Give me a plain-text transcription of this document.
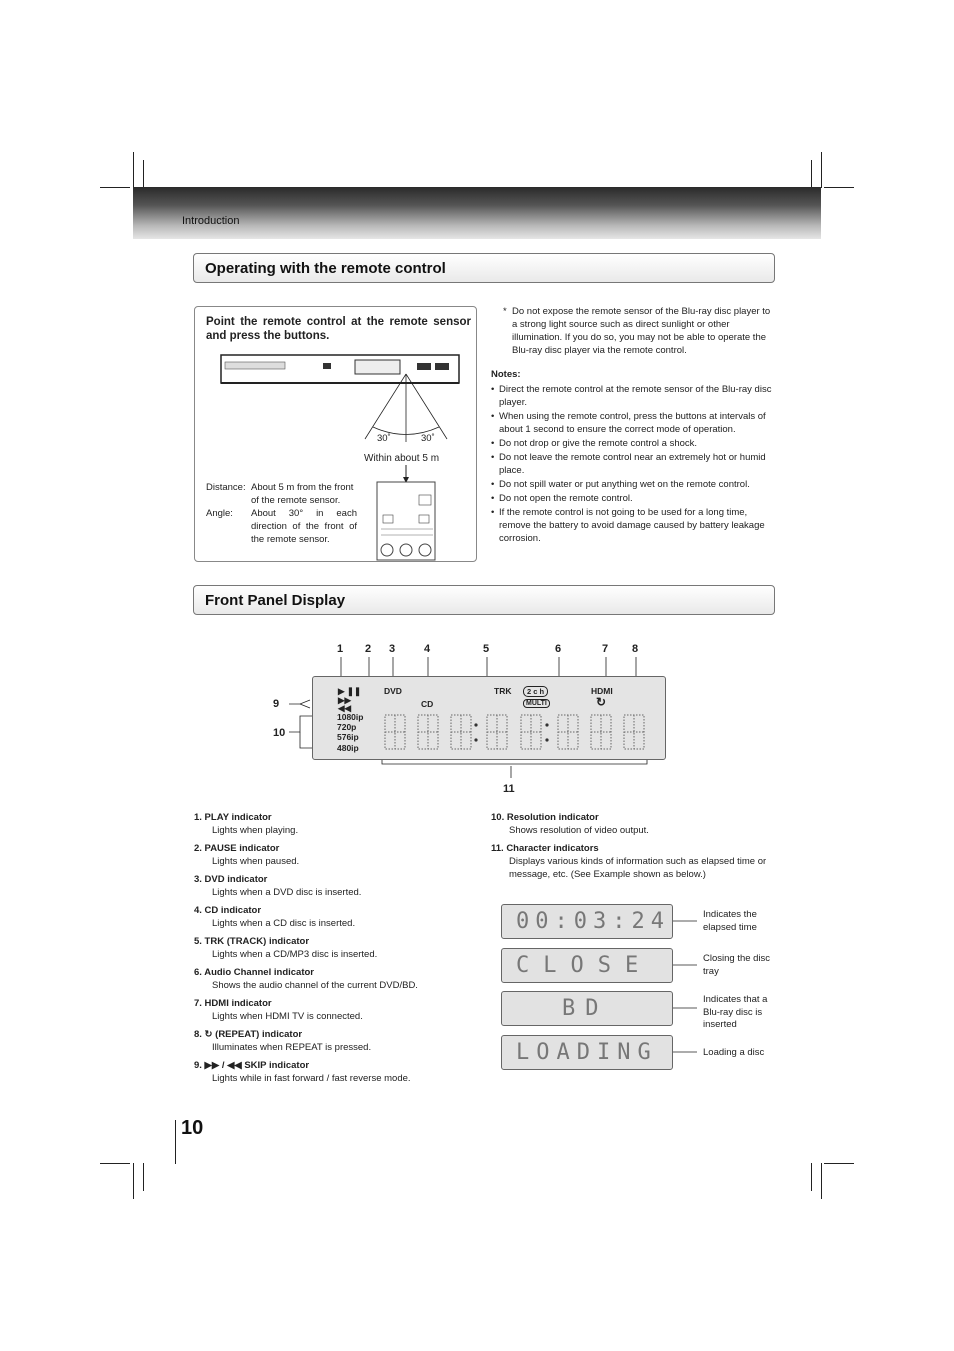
Introduction
Operating with the remote control
Point the remote control at the remote sensor and press the buttons.
30˚	30˚
Within about 5 m
Distance: About 5 m from the front of the remote sensor.
Angle: About 30° in each direction of the front of the remote sensor.
* Do not expose the remote sensor of the Blu-ray disc player to a strong light source such as direct sunlight or other illumination. If you do so, you may not be able to operate the Blu-ray disc player via the remote control.
Notes:
• Direct the remote control at the remote sensor of the Blu-ray disc player.
• When using the remote control, press the buttons at intervals of about 1 second to ensure the correct mode of operation.
• Do not drop or give the remote control a shock.
• Do not leave the remote control near an extremely hot or humid place.
• Do not spill water or put anything wet on the remote control.
• Do not open the remote control.
• If the remote control is not going to be used for a long time, remove the battery to avoid damage caused by battery leakage corrosion.
Front Panel Display
1 2 3	4	5	6	7 8
9
10
11
▶ ❚❚
▶▶
◀◀
1080ip
720p
576ip
480ip
DVD
CD
TRK	2 c h
MULTI
HDMI
↻
1. PLAY indicator
Lights when playing.
2. PAUSE indicator
Lights when paused.
3. DVD indicator
Lights when a DVD disc is inserted.
4. CD indicator
Lights when a CD disc is inserted.
5. TRK (TRACK) indicator
Lights when a CD/MP3 disc is inserted.
6. Audio Channel indicator
Shows the audio channel of the current DVD/BD.
7. HDMI indicator
Lights when HDMI TV is connected.
8. ↻ (REPEAT) indicator
Illuminates when REPEAT is pressed.
9. ▶▶ / ◀◀ SKIP indicator
Lights while in fast forward / fast reverse mode.
10. Resolution indicator
Shows resolution of video output.
11. Character indicators
Displays various kinds of information such as elapsed time or message, etc. (See Example shown as below.)
00:03:24
CLOSE
BD
LOADING
Indicates the elapsed time
Closing the disc tray
Indicates that a Blu-ray disc is inserted
Loading a disc
10
